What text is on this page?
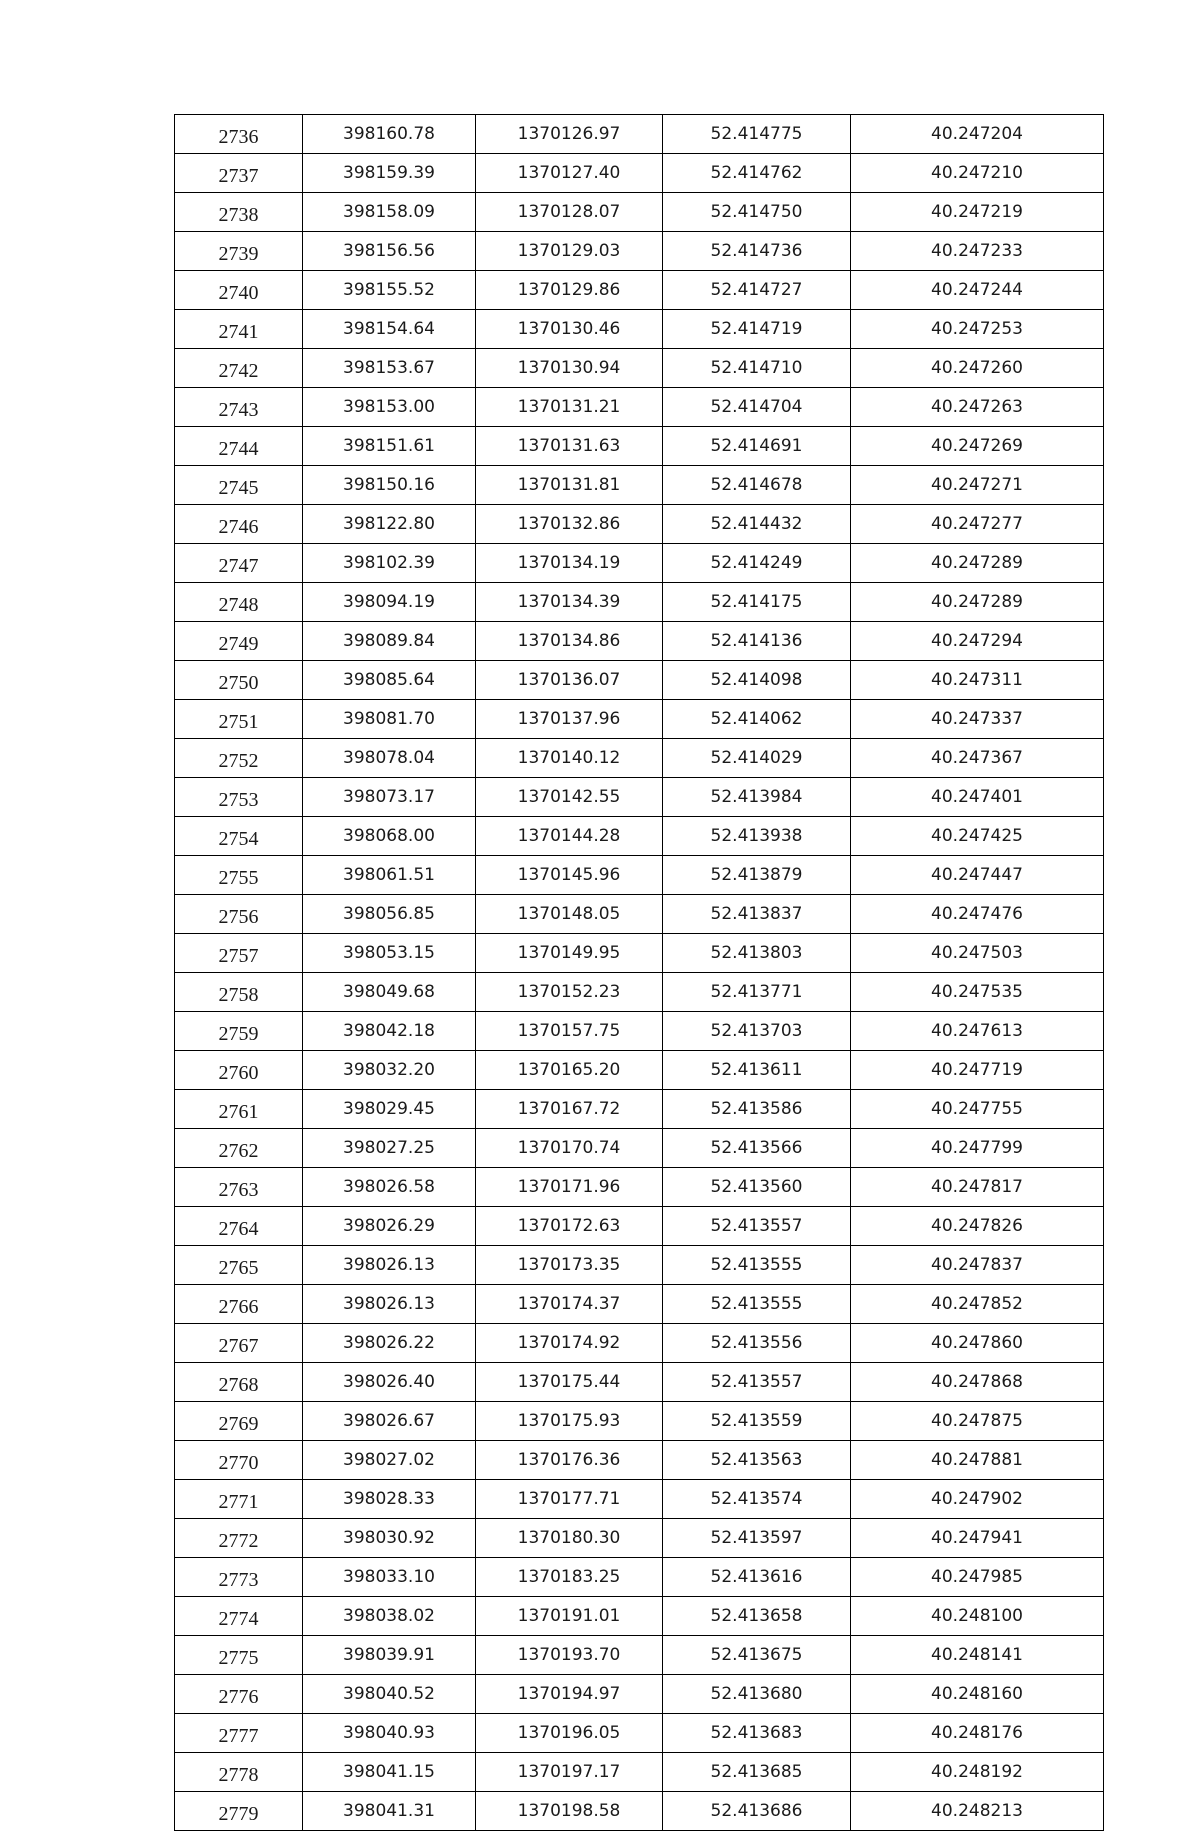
2736	398160.78	1370126.97	52.414775	40.247204
2737	398159.39	1370127.40	52.414762	40.247210
2738	398158.09	1370128.07	52.414750	40.247219
2739	398156.56	1370129.03	52.414736	40.247233
2740	398155.52	1370129.86	52.414727	40.247244
2741	398154.64	1370130.46	52.414719	40.247253
2742	398153.67	1370130.94	52.414710	40.247260
2743	398153.00	1370131.21	52.414704	40.247263
2744	398151.61	1370131.63	52.414691	40.247269
2745	398150.16	1370131.81	52.414678	40.247271
2746	398122.80	1370132.86	52.414432	40.247277
2747	398102.39	1370134.19	52.414249	40.247289
2748	398094.19	1370134.39	52.414175	40.247289
2749	398089.84	1370134.86	52.414136	40.247294
2750	398085.64	1370136.07	52.414098	40.247311
2751	398081.70	1370137.96	52.414062	40.247337
2752	398078.04	1370140.12	52.414029	40.247367
2753	398073.17	1370142.55	52.413984	40.247401
2754	398068.00	1370144.28	52.413938	40.247425
2755	398061.51	1370145.96	52.413879	40.247447
2756	398056.85	1370148.05	52.413837	40.247476
2757	398053.15	1370149.95	52.413803	40.247503
2758	398049.68	1370152.23	52.413771	40.247535
2759	398042.18	1370157.75	52.413703	40.247613
2760	398032.20	1370165.20	52.413611	40.247719
2761	398029.45	1370167.72	52.413586	40.247755
2762	398027.25	1370170.74	52.413566	40.247799
2763	398026.58	1370171.96	52.413560	40.247817
2764	398026.29	1370172.63	52.413557	40.247826
2765	398026.13	1370173.35	52.413555	40.247837
2766	398026.13	1370174.37	52.413555	40.247852
2767	398026.22	1370174.92	52.413556	40.247860
2768	398026.40	1370175.44	52.413557	40.247868
2769	398026.67	1370175.93	52.413559	40.247875
2770	398027.02	1370176.36	52.413563	40.247881
2771	398028.33	1370177.71	52.413574	40.247902
2772	398030.92	1370180.30	52.413597	40.247941
2773	398033.10	1370183.25	52.413616	40.247985
2774	398038.02	1370191.01	52.413658	40.248100
2775	398039.91	1370193.70	52.413675	40.248141
2776	398040.52	1370194.97	52.413680	40.248160
2777	398040.93	1370196.05	52.413683	40.248176
2778	398041.15	1370197.17	52.413685	40.248192
2779	398041.31	1370198.58	52.413686	40.248213
